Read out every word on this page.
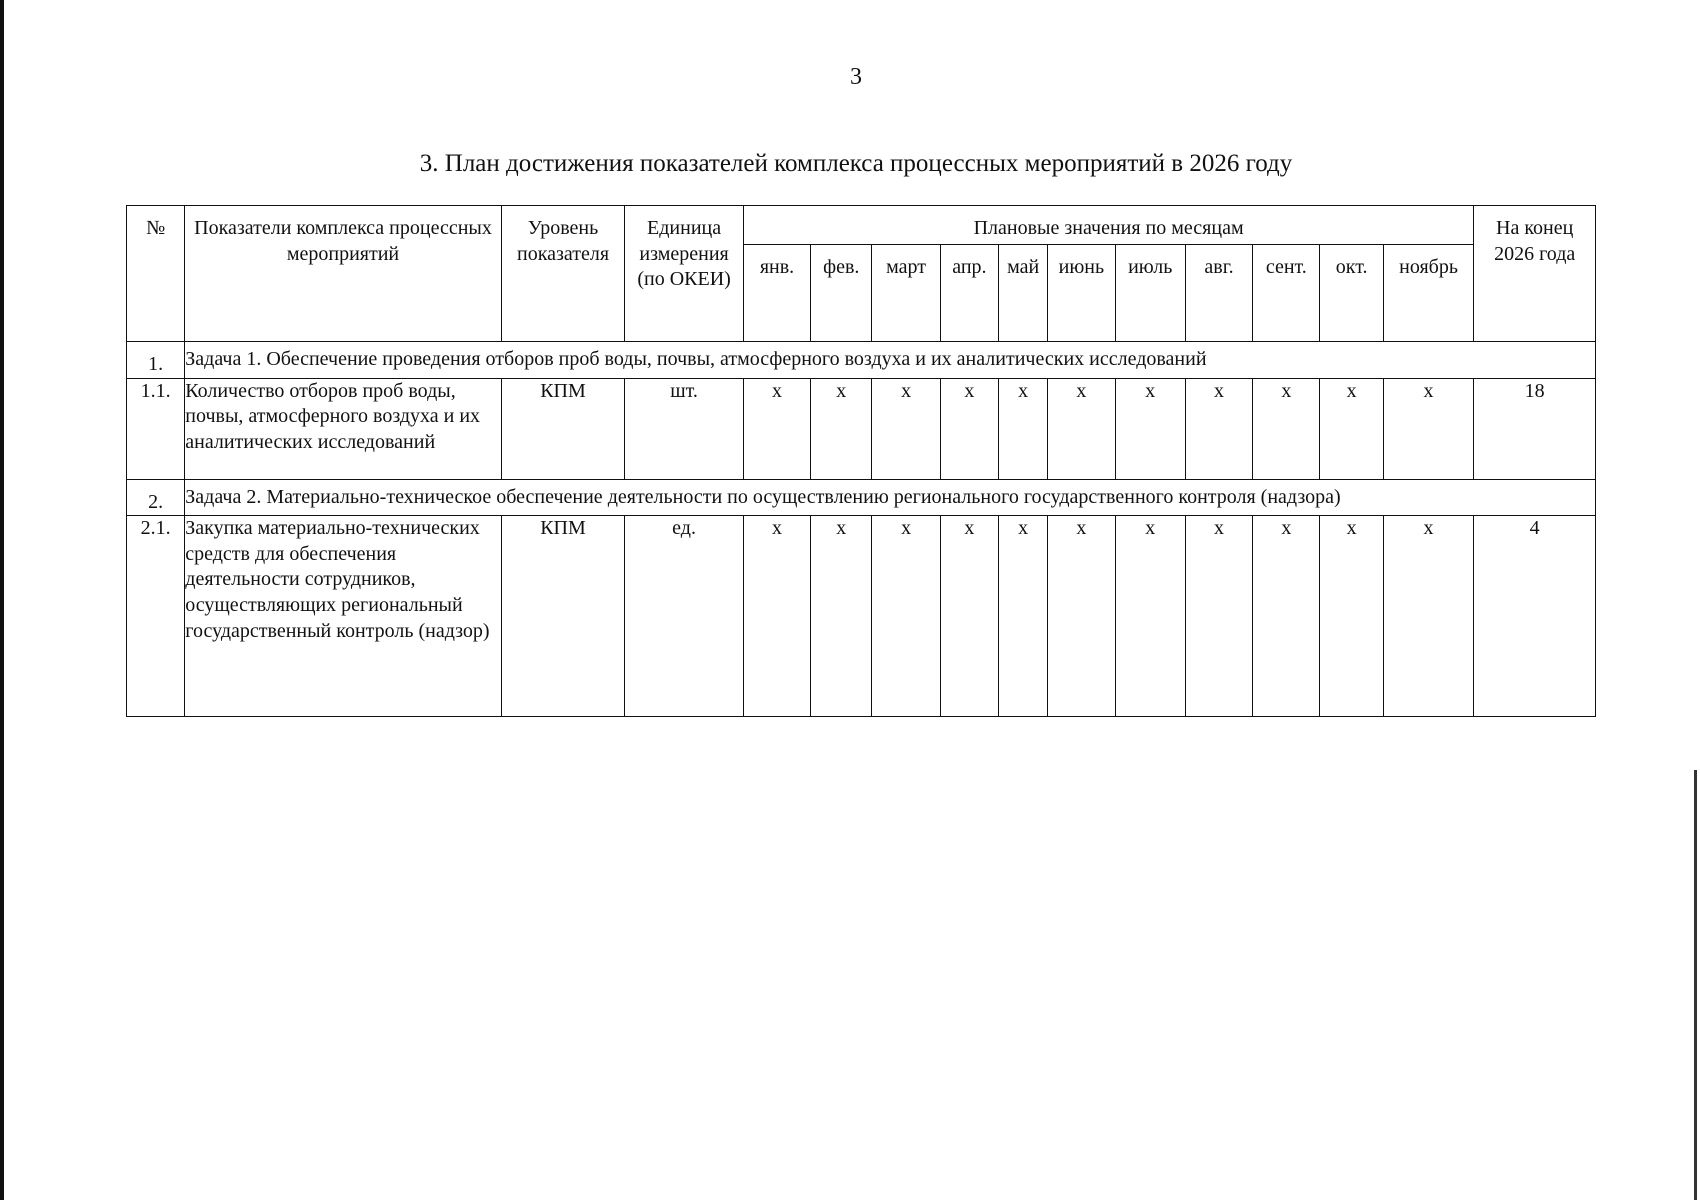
3
3. План достижения показателей комплекса процессных мероприятий в 2026 году
№	Показатели комплекса процессных мероприятий	Уровень показателя	Единица измерения (по ОКЕИ)	Плановые значения по месяцам											На конец 2026 года
				янв.	фев.	март	апр.	май	июнь	июль	авг.	сент.	окт.	ноябрь	
1.	Задача 1. Обеспечение проведения отборов проб воды, почвы, атмосферного воздуха и их аналитических исследований														
1.1.	Количество отборов проб воды, почвы, атмосферного воздуха и их аналитических исследований	КПМ	шт.	х	х	х	х	х	х	х	х	х	х	х	18
2.	Задача 2. Материально-техническое обеспечение деятельности по осуществлению регионального государственного контроля (надзора)														
2.1.	Закупка материально-технических средств для обеспечения деятельности сотрудников, осуществляющих региональный государственный контроль (надзор)	КПМ	ед.	х	х	х	х	х	х	х	х	х	х	х	4
